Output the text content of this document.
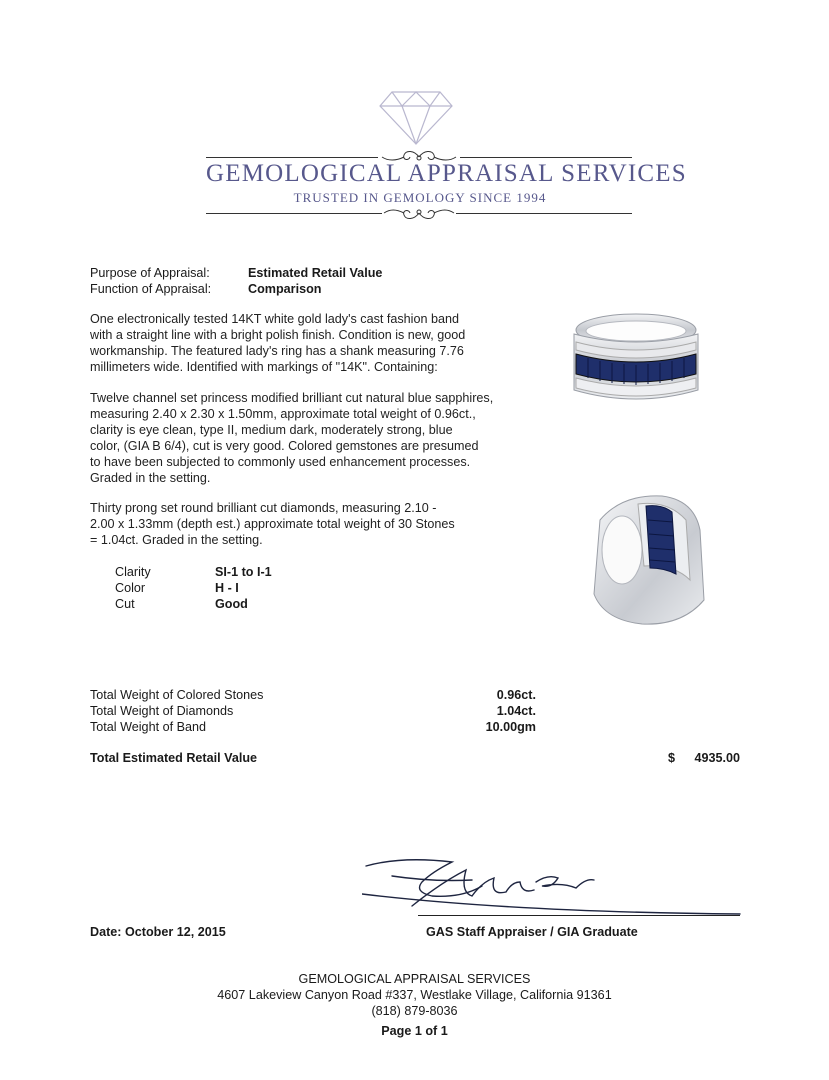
GEMOLOGICAL APPRAISAL SERVICES
TRUSTED IN GEMOLOGY SINCE 1994
Purpose of Appraisal:	Estimated Retail Value
Function of Appraisal:	Comparison
One electronically tested 14KT white gold lady's cast fashion band
with a straight line with a bright polish finish. Condition is new, good
workmanship. The featured lady's ring has a shank measuring 7.76
millimeters wide. Identified with markings of "14K". Containing:
Twelve channel set princess modified brilliant cut natural blue sapphires,
measuring 2.40 x 2.30 x 1.50mm, approximate total weight of 0.96ct.,
clarity is eye clean, type II, medium dark, moderately strong, blue
color, (GIA B 6/4), cut is very good. Colored gemstones are presumed
to have been subjected to commonly used enhancement processes.
Graded in the setting.
Thirty prong set round brilliant cut diamonds, measuring 2.10 -
2.00 x 1.33mm (depth est.) approximate total weight of 30 Stones
= 1.04ct. Graded in the setting.
Clarity	SI-1 to I-1
Color	H - I
Cut	Good
Total Weight of Colored Stones	0.96ct.
Total Weight of Diamonds	1.04ct.
Total Weight of Band	10.00gm
Total Estimated Retail Value	$	4935.00
Date: October 12, 2015	GAS Staff Appraiser / GIA Graduate
GEMOLOGICAL APPRAISAL SERVICES
4607 Lakeview Canyon Road #337, Westlake Village, California 91361
(818) 879-8036
Page 1 of 1
